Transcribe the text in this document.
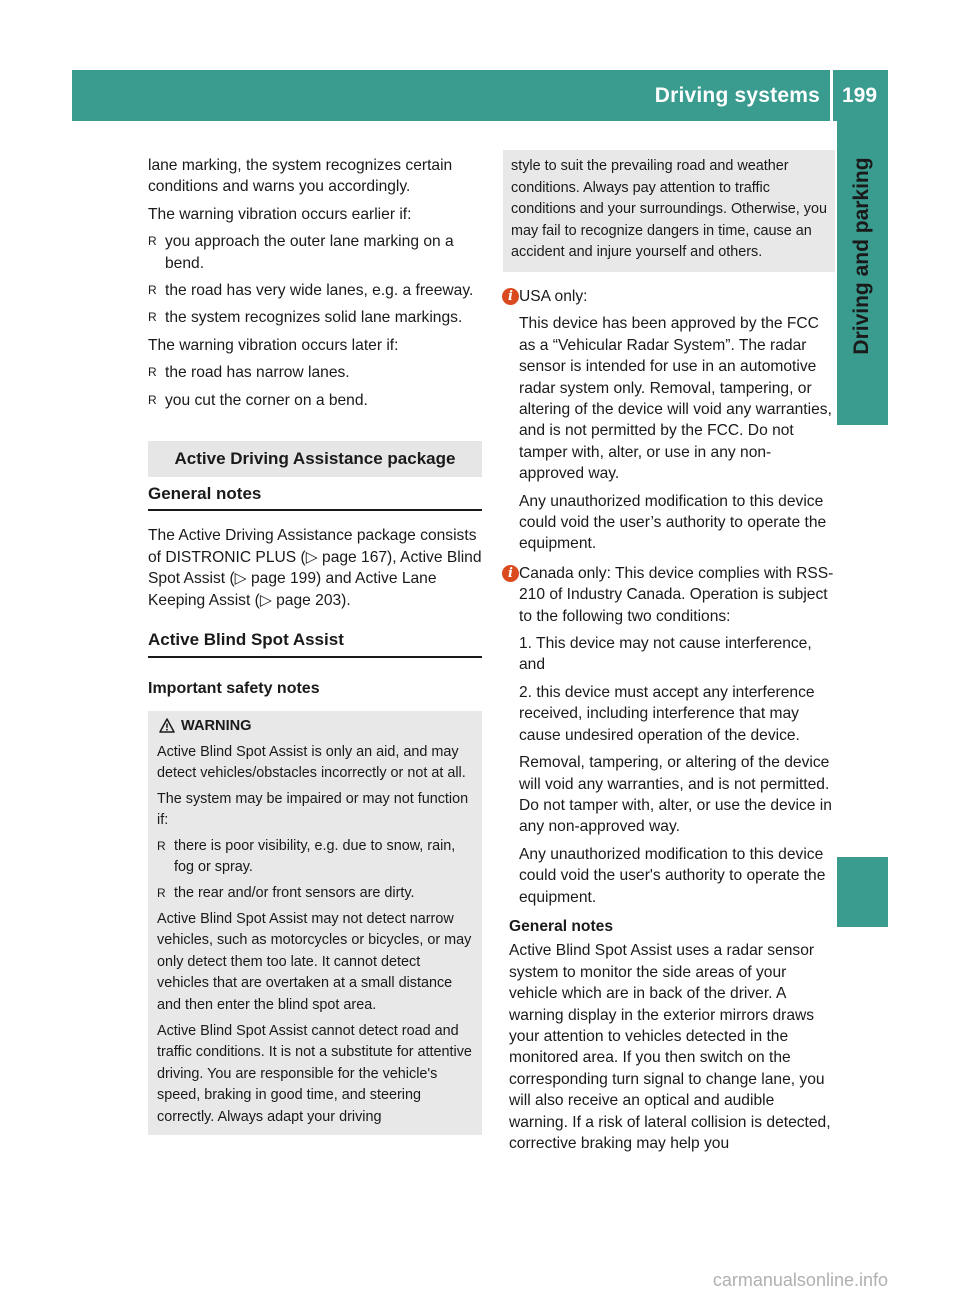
Driving systems 199
Driving and parking

lane marking, the system recognizes certain conditions and warns you accordingly.

The warning vibration occurs earlier if:

R you approach the outer lane marking on a bend.
R the road has very wide lanes, e.g. a freeway.
R the system recognizes solid lane markings.

The warning vibration occurs later if:

R the road has narrow lanes.
R you cut the corner on a bend.
Active Driving Assistance package
General notes

The Active Driving Assistance package consists of DISTRONIC PLUS (▷ page 167), Active Blind Spot Assist (▷ page 199) and Active Lane Keeping Assist (▷ page 203).

Active Blind Spot Assist
Important safety notes
WARNING

Active Blind Spot Assist is only an aid, and may detect vehicles/obstacles incorrectly or not at all.

The system may be impaired or may not function if:

R there is poor visibility, e.g. due to snow, rain, fog or spray.
R the rear and/or front sensors are dirty.

Active Blind Spot Assist may not detect narrow vehicles, such as motorcycles or bicycles, or may only detect them too late. It cannot detect vehicles that are overtaken at a small distance and then enter the blind spot area.

Active Blind Spot Assist cannot detect road and traffic conditions. It is not a substitute for attentive driving. You are responsible for the vehicle's speed, braking in good time, and steering correctly. Always adapt your driving

style to suit the prevailing road and weather conditions. Always pay attention to traffic conditions and your surroundings. Otherwise, you may fail to recognize dangers in time, cause an accident and injure yourself and others.
i USA only:

This device has been approved by the FCC as a “Vehicular Radar System”. The radar sensor is intended for use in an automotive radar system only. Removal, tampering, or altering of the device will void any warranties, and is not permitted by the FCC. Do not tamper with, alter, or use in any non-approved way.

Any unauthorized modification to this device could void the user’s authority to operate the equipment.

i Canada only: This device complies with RSS-210 of Industry Canada. Operation is subject to the following two conditions:

1. This device may not cause interference, and

2. this device must accept any interference received, including interference that may cause undesired operation of the device.

Removal, tampering, or altering of the device will void any warranties, and is not permitted. Do not tamper with, alter, or use the device in any non-approved way.

Any unauthorized modification to this device could void the user's authority to operate the equipment.

General notes

Active Blind Spot Assist uses a radar sensor system to monitor the side areas of your vehicle which are in back of the driver. A warning display in the exterior mirrors draws your attention to vehicles detected in the monitored area. If you then switch on the corresponding turn signal to change lane, you will also receive an optical and audible warning. If a risk of lateral collision is detected, corrective braking may help you

carmanualsonline.info
